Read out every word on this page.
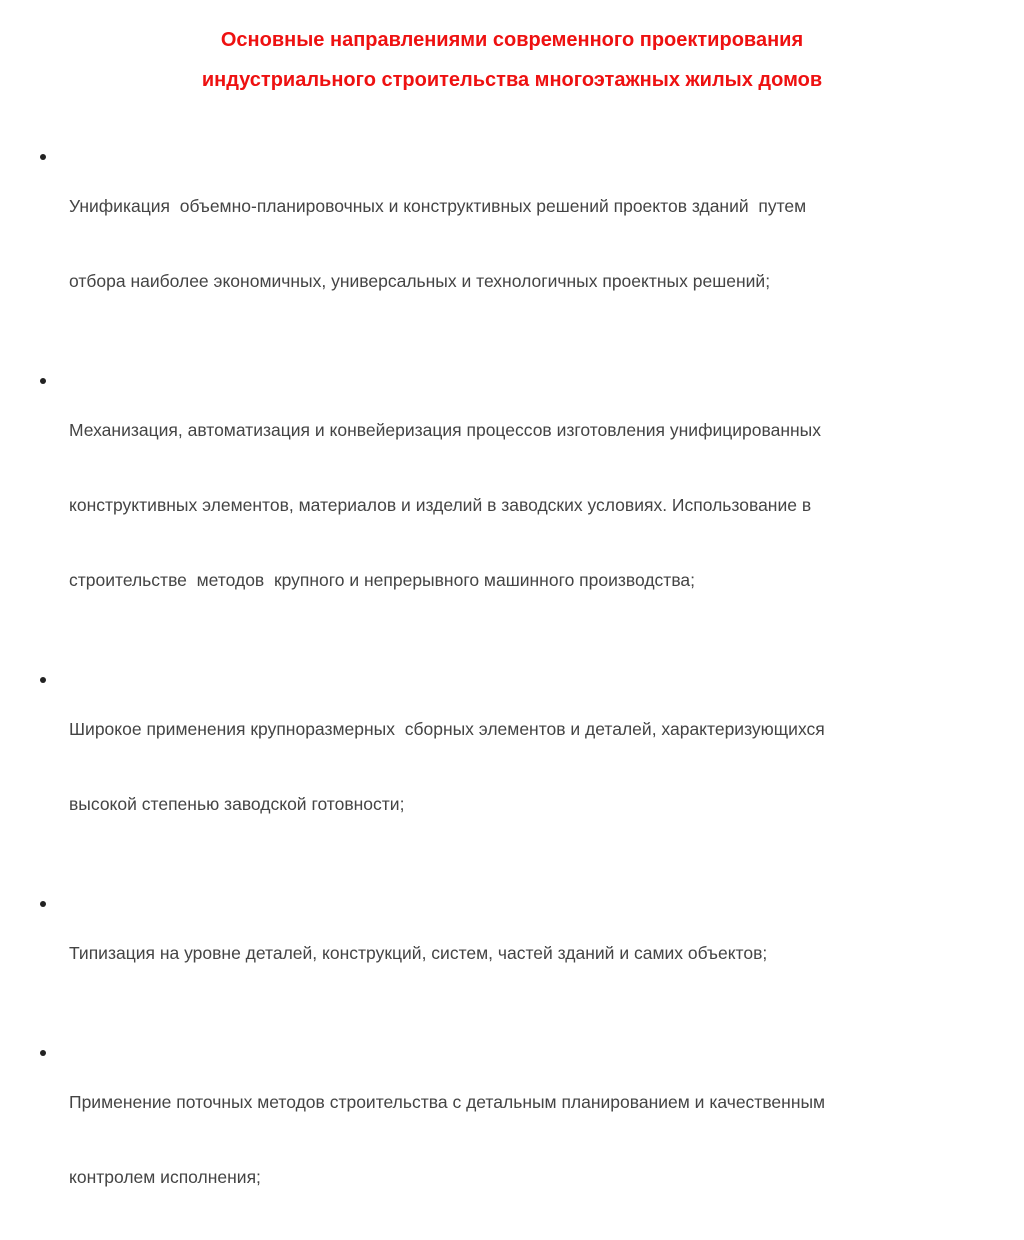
Основные направлениями современного проектирования
индустриального строительства многоэтажных жилых домов

Унификация  объемно-планировочных и конструктивных решений проектов зданий  путем

отбора наиболее экономичных, универсальных и технологичных проектных решений;

Механизация, автоматизация и конвейеризация процессов изготовления унифицированных

конструктивных элементов, материалов и изделий в заводских условиях. Использование в

строительстве  методов  крупного и непрерывного машинного производства;

Широкое применения крупноразмерных  сборных элементов и деталей, характеризующихся

высокой степенью заводской готовности;

Типизация на уровне деталей, конструкций, систем, частей зданий и самих объектов;

Применение поточных методов строительства с детальным планированием и качественным

контролем исполнения;
